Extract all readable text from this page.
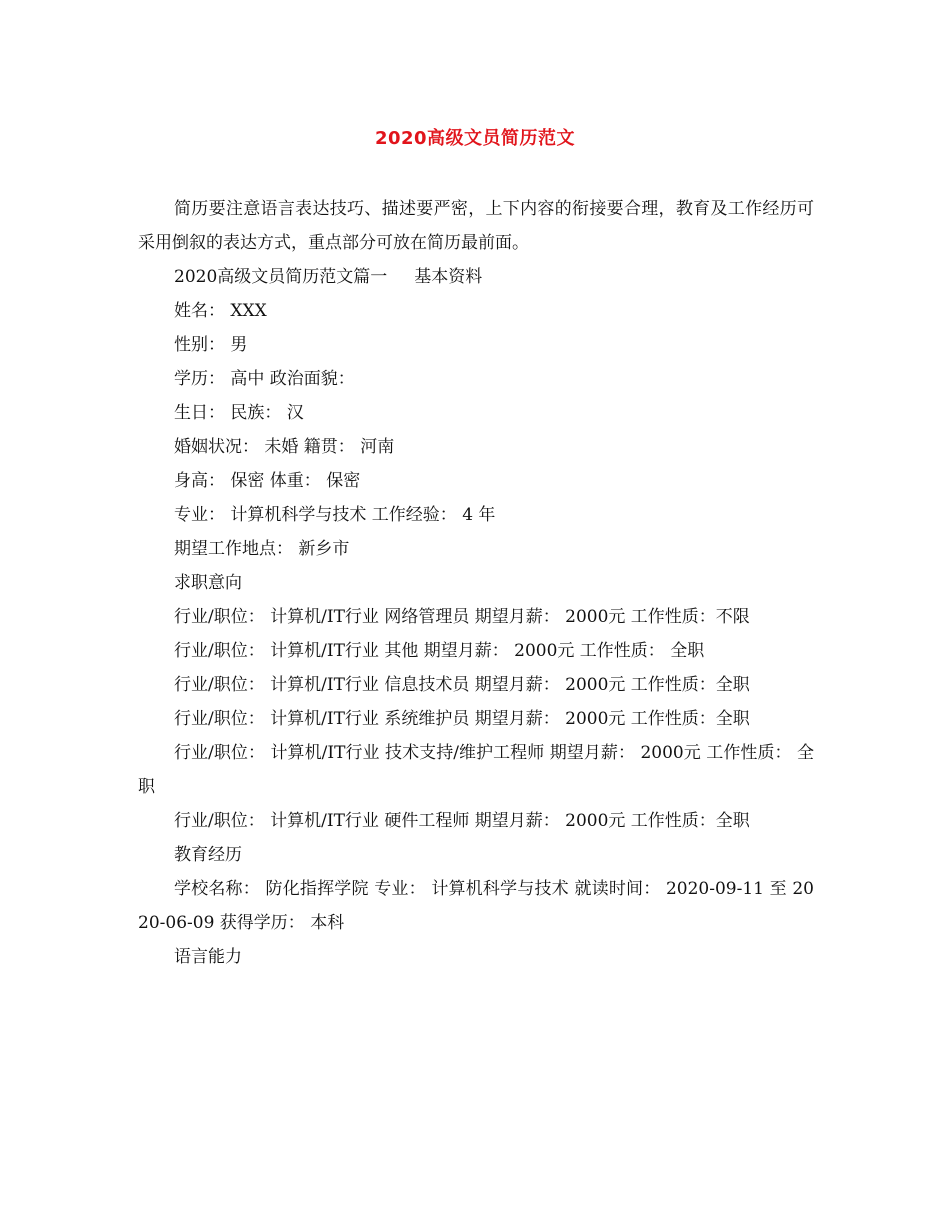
2020高级文员简历范文

简历要注意语言表达技巧、描述要严密，上下内容的衔接要合理，教育及工作经历可采用倒叙的表达方式，重点部分可放在简历最前面。

2020高级文员简历范文篇一     基本资料

姓名： XXX

性别： 男

学历： 高中 政治面貌：

生日： 民族： 汉

婚姻状况： 未婚 籍贯： 河南

身高： 保密 体重： 保密

专业： 计算机科学与技术 工作经验： 4 年

期望工作地点： 新乡市

求职意向

行业/职位： 计算机/IT行业 网络管理员 期望月薪： 2000元 工作性质：不限

行业/职位： 计算机/IT行业 其他 期望月薪： 2000元 工作性质： 全职

行业/职位： 计算机/IT行业 信息技术员 期望月薪： 2000元 工作性质：全职

行业/职位： 计算机/IT行业 系统维护员 期望月薪： 2000元 工作性质：全职

行业/职位： 计算机/IT行业 技术支持/维护工程师 期望月薪： 2000元 工作性质： 全职

行业/职位： 计算机/IT行业 硬件工程师 期望月薪： 2000元 工作性质：全职

教育经历

学校名称： 防化指挥学院 专业： 计算机科学与技术 就读时间： 2020-09-11 至 2020-06-09 获得学历： 本科

语言能力
